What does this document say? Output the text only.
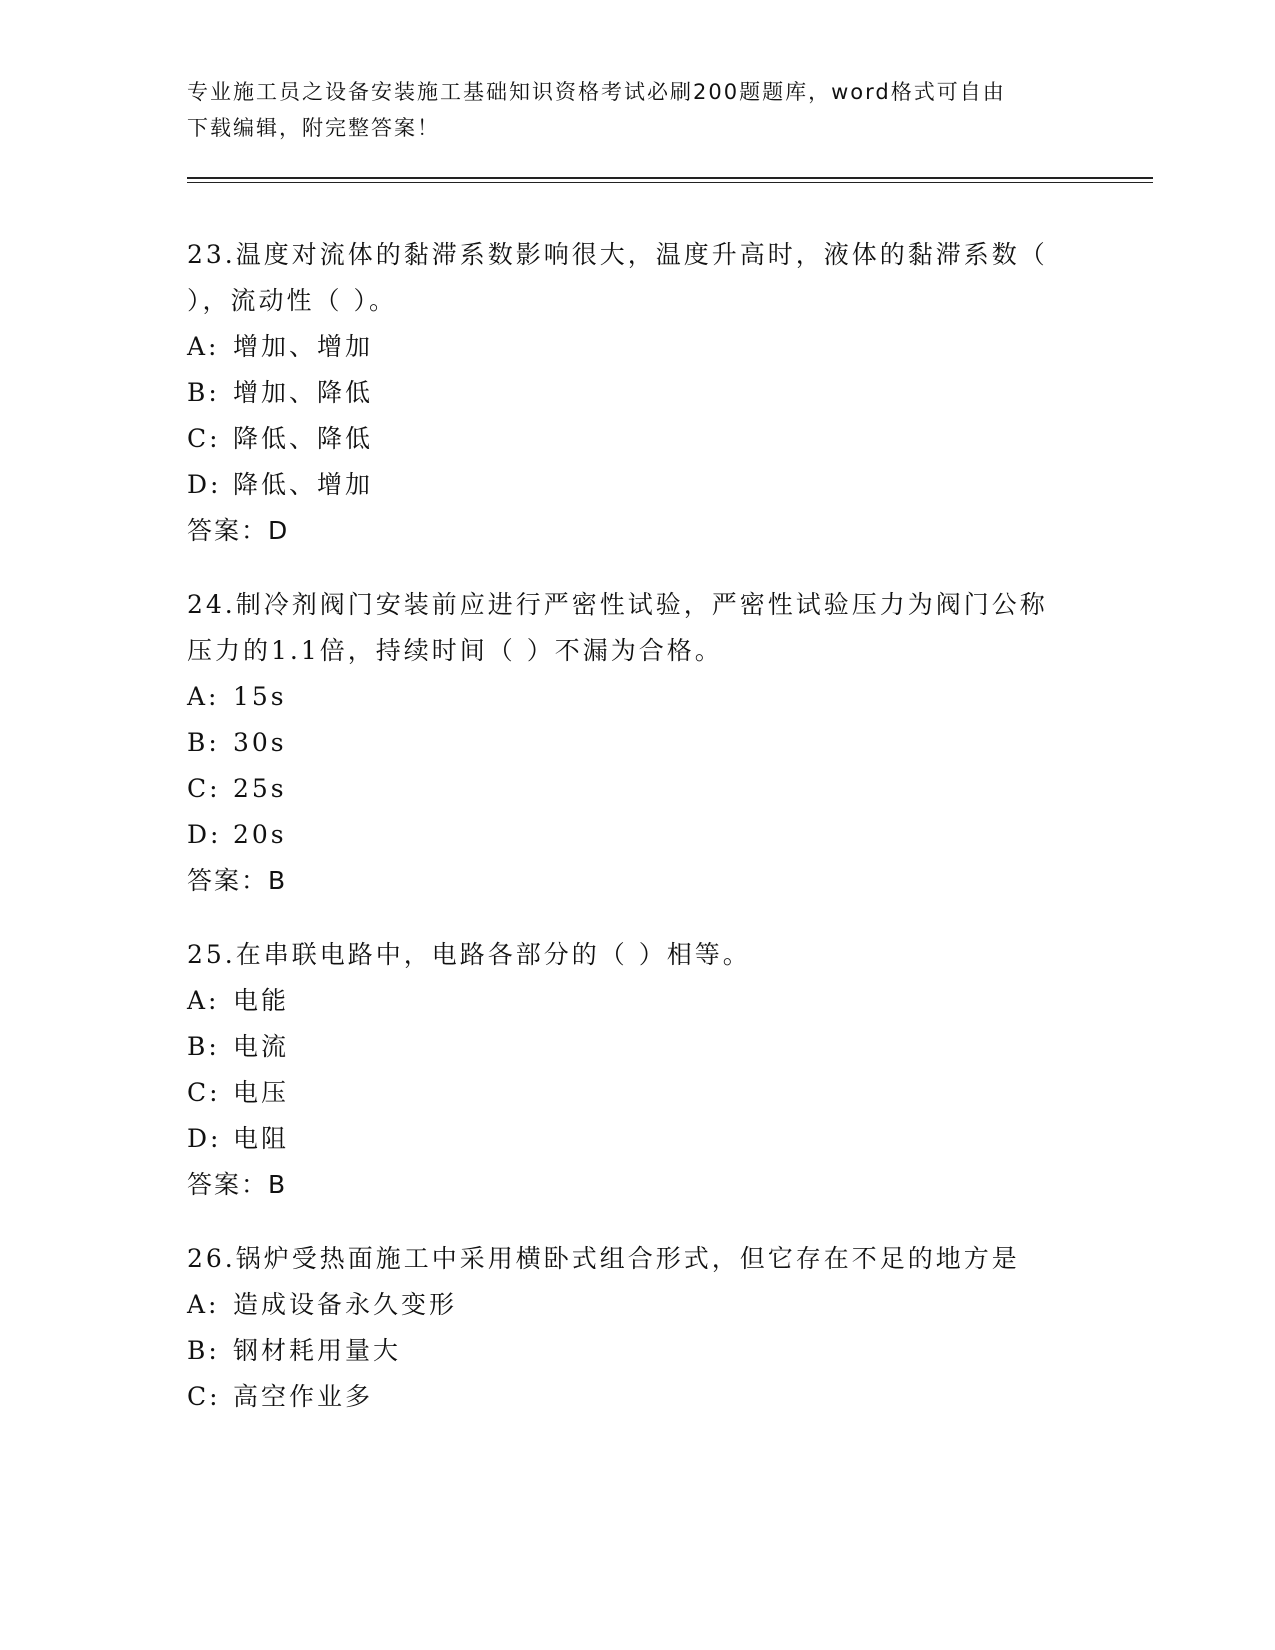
专业施工员之设备安装施工基础知识资格考试必刷200题题库，word格式可自由
下载编辑，附完整答案！

23.温度对流体的黏滞系数影响很大，温度升高时，液体的黏滞系数（

），流动性（ ）。

A: 增加、增加

B: 增加、降低

C: 降低、降低

D: 降低、增加

答案：D

24.制冷剂阀门安装前应进行严密性试验，严密性试验压力为阀门公称

压力的1.1倍，持续时间（ ）不漏为合格。

A: 15s

B: 30s

C: 25s

D: 20s

答案：B

25.在串联电路中，电路各部分的（ ）相等。

A: 电能

B: 电流

C: 电压

D: 电阻

答案：B

26.锅炉受热面施工中采用横卧式组合形式，但它存在不足的地方是

A: 造成设备永久变形

B: 钢材耗用量大

C: 高空作业多
